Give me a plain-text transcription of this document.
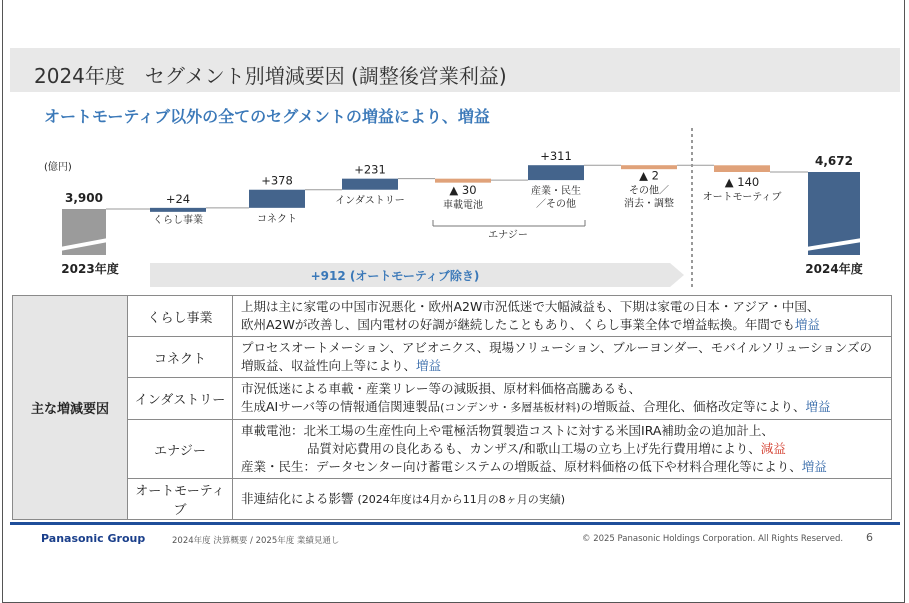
2024年度　セグメント別増減要因 (調整後営業利益)
オートモーティブ以外の全てのセグメントの増益により、増益
(億円)
3,900
2023年度
+24
くらし事業
+378
コネクト
+231
インダストリー
▲ 30
車載電池
+311
産業・民生
／その他
▲ 2
その他／
消去・調整
▲ 140
オートモーティブ
4,672
2024年度
エナジー
+912 (オートモーティブ除き)
主な増減要因	くらし事業	上期は主に家電の中国市況悪化・欧州A2W市況低迷で大幅減益も、下期は家電の日本・アジア・中国、
欧州A2Wが改善し、国内電材の好調が継続したこともあり、くらし事業全体で増益転換。年間でも増益

	コネクト	プロセスオートメーション、アビオニクス、現場ソリューション、ブルーヨンダー、モバイルソリューションズの
増販益、収益性向上等により、増益

	インダストリー	市況低迷による車載・産業リレー等の減販損、原材料価格高騰あるも、
生成AIサーバ等の情報通信関連製品(コンデンサ・多層基板材料)の増販益、合理化、価格改定等により、増益

	エナジー	車載電池：北米工場の生産性向上や電極活物質製造コストに対する米国IRA補助金の追加計上、
品質対応費用の良化あるも、カンザス/和歌山工場の立ち上げ先行費用増により、減益
産業・民生：データセンター向け蓄電システムの増販益、原材料価格の低下や材料合理化等により、増益

	オートモーティブ	非連結化による影響 (2024年度は4月から11月の8ヶ月の実績)
Panasonic Group	2024年度 決算概要 / 2025年度 業績見通し	© 2025 Panasonic Holdings Corporation. All Rights Reserved. 6
